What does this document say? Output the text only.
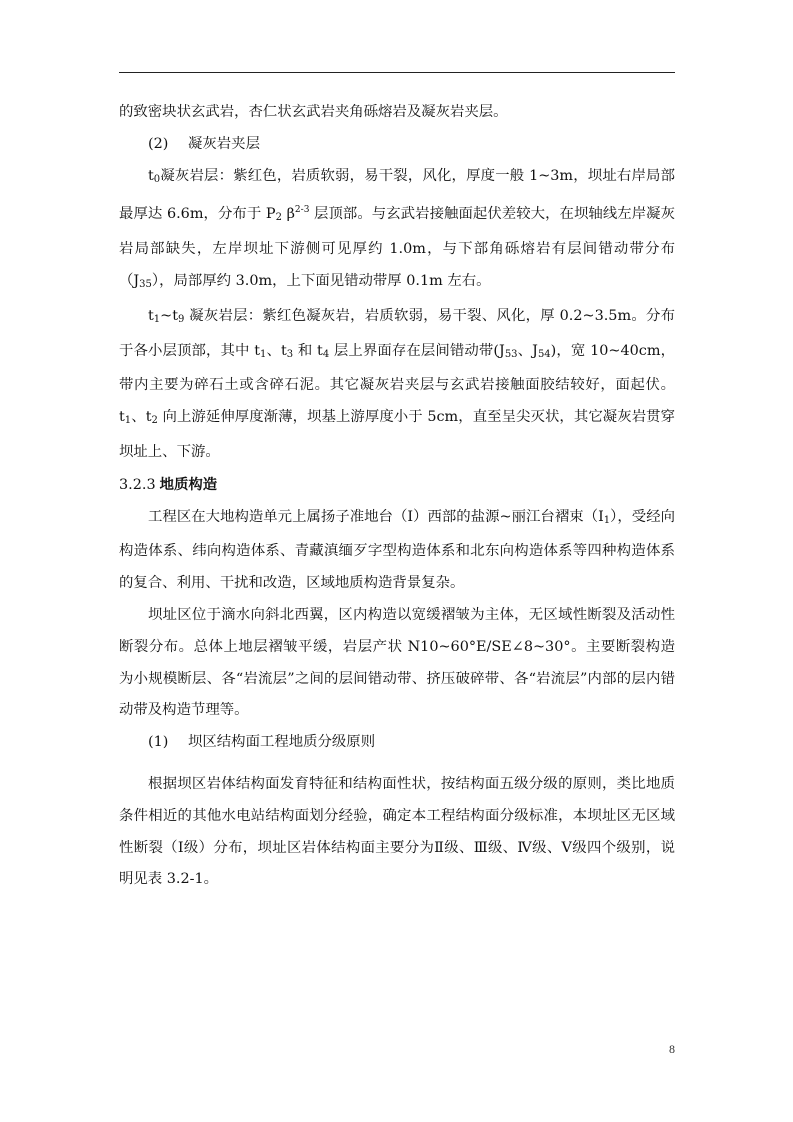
的致密块状玄武岩，杏仁状玄武岩夹角砾熔岩及凝灰岩夹层。

(2) 凝灰岩夹层

$t_0$凝灰岩层：紫红色，岩质软弱，易干裂，风化，厚度一般 1~3m，坝址右岸局部最厚达 6.6m，分布于 $P_2$ $\beta^{2-3}$ 层顶部。与玄武岩接触面起伏差较大，在坝轴线左岸凝灰岩局部缺失，左岸坝址下游侧可见厚约 1.0m，与下部角砾熔岩有层间错动带分布$(J_{35})$，局部厚约 3.0m，上下面见错动带厚 0.1m 左右。

$t_1\sim t_9$ 凝灰岩层：紫红色凝灰岩，岩质软弱，易干裂、风化，厚 0.2~3.5m。分布于各小层顶部，其中 $t_1$、$t_3$ 和 $t_4$ 层上界面存在层间错动带($J_{53}$、$J_{54}$)，宽 10~40cm，带内主要为碎石土或含碎石泥。其它凝灰岩夹层与玄武岩接触面胶结较好，面起伏。$t_1$、$t_2$ 向上游延伸厚度渐薄，坝基上游厚度小于 5cm，直至呈尖灭状，其它凝灰岩贯穿坝址上、下游。

3.2.3 地质构造

工程区在大地构造单元上属扬子准地台（I）西部的盐源~丽江台褶束$(I_1)$，受经向构造体系、纬向构造体系、青藏滇缅歹字型构造体系和北东向构造体系等四种构造体系的复合、利用、干扰和改造，区域地质构造背景复杂。

坝址区位于滴水向斜北西翼，区内构造以宽缓褶皱为主体，无区域性断裂及活动性断裂分布。总体上地层褶皱平缓，岩层产状 N10~60°E/SE∠8~30°。主要断裂构造为小规模断层、各“岩流层”之间的层间错动带、挤压破碎带、各“岩流层”内部的层内错动带及构造节理等。

(1) 坝区结构面工程地质分级原则

根据坝区岩体结构面发育特征和结构面性状，按结构面五级分级的原则，类比地质条件相近的其他水电站结构面划分经验，确定本工程结构面分级标准，本坝址区无区域性断裂（Ⅰ级）分布，坝址区岩体结构面主要分为Ⅱ级、Ⅲ级、Ⅳ级、Ⅴ级四个级别，说明见表 3.2-1。

8
